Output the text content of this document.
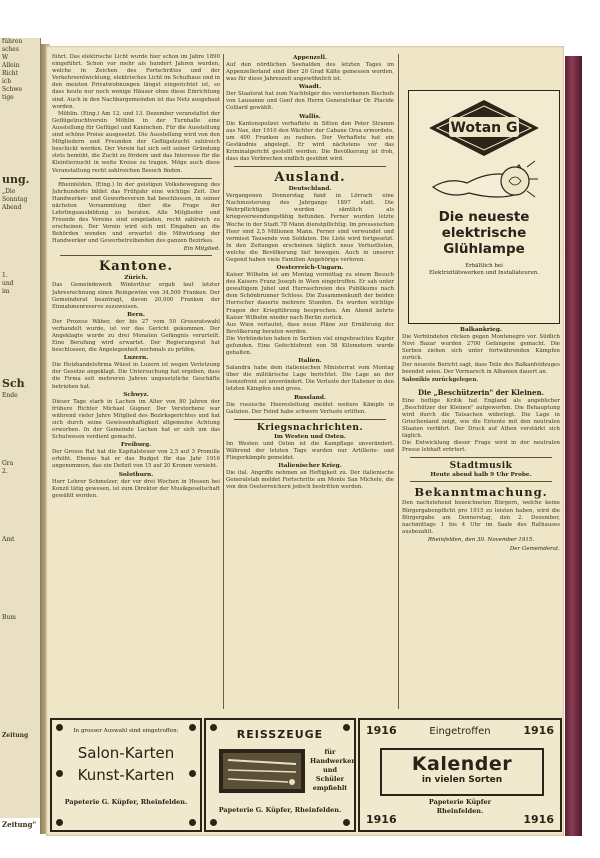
führen
sches
W
Allein
Richt
ich
Schwe
tige
ung.
„Die
Sonntag
Abend
1.
und
im
Sch
Ende
Gra
2.
Amt
Bum
Zeitung

führt. Das elektrische Licht wurde hier schon im Jahre 1890 eingeführt. Schon vor mehr als hundert Jahren wurden, welche in Zeichen des Fortschrittes und der Verkehrsentwicklung, elektrisches Licht im Schulhaus und in den meisten Privatwohnungen längst eingerichtet ist, so dass heute nur noch wenige Häuser ohne diese Einrichtung sind. Auch in den Nachbargemeinden ist das Netz ausgebaut worden.

Möhlin. (Eing.) Am 12. und 13. Dezember veranstaltet der Geflügelzuchtverein Möhlin in der Turnhalle eine Ausstellung für Geflügel und Kaninchen. Für die Ausstellung sind schöne Preise ausgesetzt. Die Ausstellung wird von den Mitgliedern und Freunden der Geflügelzucht zahlreich beschickt werden. Der Verein hat sich seit seiner Gründung stets bemüht, die Zucht zu fördern und das Interesse für die Kleintierzucht in weite Kreise zu tragen. Möge auch diese Veranstaltung recht zahlreichen Besuch finden.

Rheinfelden. (Eing.) In der geistigen Volksbewegung des Jahrhunderts bildet das Frühjahr eine wichtige Zeit. Der Handwerker- und Gewerbeverein hat beschlossen, in seiner nächsten Versammlung über die Frage der Lehrlingsausbildung zu beraten. Alle Mitglieder und Freunde des Vereins sind eingeladen, recht zahlreich zu erscheinen. Der Verein wird sich mit Eingaben an die Behörden wenden und erwartet die Mitwirkung der Handwerker und Gewerbetreibenden des ganzen Bezirkes.

Ein Mitglied.
Kantone.
Zürich.

Das Gemeindewerk Winterthur ergab laut letzter Jahresrechnung einen Reingewinn von 34,500 Franken. Der Gemeinderat beantragt, davon 20,000 Franken der Einnahmenreserve zuzuweisen.

Bern.

Der Prozess Wäber, der bis 27 vom 50 Grossratswahl verhandelt wurde, ist vor das Gericht gekommen. Der Angeklagte wurde zu drei Monaten Gefängnis verurteilt. Eine Berufung wird erwartet. Der Regierungsrat hat beschlossen, die Angelegenheit nochmals zu prüfen.

Luzern.

Die Holzhandelsfirma Wüest in Luzern ist wegen Verletzung der Gesetze angeklagt. Die Untersuchung hat ergeben, dass die Firma seit mehreren Jahren ungesetzliche Geschäfte betrieben hat.

Schwyz.

Dieser Tage starb in Lachen im Alter von 80 Jahren der frühere Richter Michael Gugner. Der Verstorbene war während vieler Jahre Mitglied des Bezirksgerichtes und hat sich durch seine Gewissenhaftigkeit allgemeine Achtung erworben. In der Gemeinde Lachen hat er sich um das Schulwesen verdient gemacht.

Freiburg.

Der Grosse Rat hat die Kapitalsteuer von 2,5 auf 3 Promille erhöht. Ebenso hat er das Budget für das Jahr 1916 angenommen, das ein Defizit von 15 auf 20 Kronen vorsieht.

Solothurn.

Herr Lehrer Schmelzer, der vor drei Wochen in Hessen bei Konzil tätig gewesen, ist zum Direktor der Musikgesellschaft gewählt worden.

Appenzell.

Auf den nördlichen Seehalden des letzten Tages im Appenzellerland sind über 20 Grad Kälte gemessen worden, was für diese Jahreszeit ungewöhnlich ist.

Waadt.

Der Staatsrat hat zum Nachfolger des verstorbenen Bischofs von Lausanne und Genf den Herrn Generalvikar Dr. Placide Colliard gewählt.

Wallis.

Die Kantonspolizei verhaftete in Sitten den Peter Stramm aus Nax, der 1910 den Wächter der Cabane Orsa ermordete, um 400 Franken zu rauben. Der Verhaftete hat ein Geständnis abgelegt. Er wird nächstens vor das Kriminalgericht gestellt werden. Die Bevölkerung ist froh, dass das Verbrechen endlich gesühnt wird.

Ausland.
Deutschland.

Vergangenen Donnerstag fand in Lörrach eine Nachmusterung des Jahrgangs 1897 statt. Die Wehrpflichtigen wurden sämtlich als kriegsverwendungsfähig befunden. Ferner wurden letzte Woche in der Stadt 78 Mann dienstpflichtig. Im preussischen Heer sind 2,5 Millionen Mann. Ferner sind verwundet und vermisst Tausende von Soldaten. Die Liste wird fortgesetzt. In den Zeitungen erscheinen täglich neue Verlustlisten, welche die Bevölkerung tief bewegen. Auch in unserer Gegend haben viele Familien Angehörige verloren.

Oesterreich-Ungarn.

Kaiser Wilhelm ist am Montag vormittag zu einem Besuch des Kaisers Franz Joseph in Wien eingetroffen. Er sah unter gewaltigem Jubel und Hurraschreien des Publikums nach dem Schönbrunner Schloss. Die Zusammenkunft der beiden Herrscher dauerte mehrere Stunden. Es wurden wichtige Fragen der Kriegführung besprochen. Am Abend kehrte Kaiser Wilhelm wieder nach Berlin zurück.

Aus Wien verlautet, dass neue Pläne zur Ernährung der Bevölkerung beraten werden.

Die Verbündeten haben in Serbien viel eingebrachtes Kupfer gefunden. Eine Gefechtsfront von 58 Kilometern wurde gehalten.

Italien.

Salandra habe dem italienischen Ministerrat vom Montag über die militärische Lage berichtet. Die Lage an der Isonzofront sei unverändert. Die Verluste der Italiener in den letzten Kämpfen sind gross.

Russland.

Die russische Heeresleitung meldet weitere Kämpfe in Galizien. Der Feind habe schwere Verluste erlitten.

Kriegsnachrichten.
Im Westen und Osten.

Im Westen und Osten ist die Kampflage unverändert. Während der letzten Tage wurden nur Artillerie- und Fliegerkämpfe gemeldet.

Italienischer Krieg.

Die ital. Angriffe nehmen an Heftigkeit zu. Der italienische Generalstab meldet Fortschritte am Monte San Michele, die von den Oesterreichern jedoch bestritten werden.

Wotan G
Die neueste
elektrische
Glühlampe
Erhältlich bei
Elektrizitätswerken und Installateuren.
Balkankrieg.

Die Verbündeten rücken gegen Montenegro vor. Südlich Novi Bazar wurden 2700 Gefangene gemacht. Die Serben ziehen sich unter fortwährenden Kämpfen zurück.

Der neueste Bericht sagt, dass Teile des Balkanfeldzuges beendet seien. Der Vormarsch in Albanien dauert an.

Salonikis zurückgelegen.

Die „Beschützerin" der Kleinen.

Eine heftige Kritik hat England als angeblicher „Beschützer der Kleinen" aufgeworfen. Die Behauptung wird durch die Tatsachen widerlegt. Die Lage in Griechenland zeigt, wie die Entente mit den neutralen Staaten verfährt. Der Druck auf Athen verstärkt sich täglich.

Die Entwicklung dieser Frage wird in der neutralen Presse lebhaft erörtert.

Stadtmusik
Heute abend halb 9 Uhr Probe.
Bekanntmachung.

Den nachstehend bezeichneten Bürgern, welche keine Bürgergabenpflicht pro 1915 zu leisten haben, wird die Bürgergabe am Donnerstag, den 2. Dezember, nachmittags 1 bis 4 Uhr im Saale des Rathauses ausbezahlt.

Rheinfelden, den 30. November 1915.
Der Gemeinderat.
In grosser Auswahl sind eingetroffen:
Salon-Karten
Kunst-Karten
Papeterie G. Küpfer, Rheinfelden.
REISSZEUGE
für
Handwerker
und
Schüler
empfiehlt
Papeterie G. Küpfer, Rheinfelden.
1916	1916
1916	1916
Eingetroffen
Kalender
in vielen Sorten
Papeterie Küpfer
Rheinfelden.
Zeitung"
